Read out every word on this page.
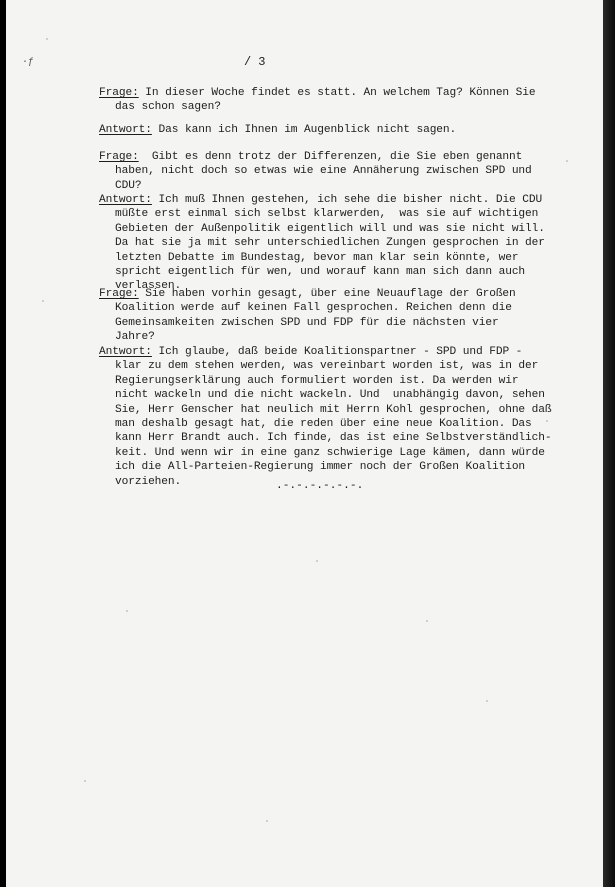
·ƒ	/ 3
Frage: In dieser Woche findet es statt. An welchem Tag? Können Sie
das schon sagen?
Antwort: Das kann ich Ihnen im Augenblick nicht sagen.
Frage:  Gibt es denn trotz der Differenzen, die Sie eben genannt
haben, nicht doch so etwas wie eine Annäherung zwischen SPD und
CDU?
Antwort: Ich muß Ihnen gestehen, ich sehe die bisher nicht. Die CDU
müßte erst einmal sich selbst klarwerden,  was sie auf wichtigen
Gebieten der Außenpolitik eigentlich will und was sie nicht will.
Da hat sie ja mit sehr unterschiedlichen Zungen gesprochen in der
letzten Debatte im Bundestag, bevor man klar sein könnte, wer
spricht eigentlich für wen, und worauf kann man sich dann auch
verlassen.
Frage: Sie haben vorhin gesagt, über eine Neuauflage der Großen
Koalition werde auf keinen Fall gesprochen. Reichen denn die
Gemeinsamkeiten zwischen SPD und FDP für die nächsten vier
Jahre?
Antwort: Ich glaube, daß beide Koalitionspartner - SPD und FDP -
klar zu dem stehen werden, was vereinbart worden ist, was in der
Regierungserklärung auch formuliert worden ist. Da werden wir
nicht wackeln und die nicht wackeln. Und  unabhängig davon, sehen
Sie, Herr Genscher hat neulich mit Herrn Kohl gesprochen, ohne daß
man deshalb gesagt hat, die reden über eine neue Koalition. Das
kann Herr Brandt auch. Ich finde, das ist eine Selbstverständlich-
keit. Und wenn wir in eine ganz schwierige Lage kämen, dann würde
ich die All-Parteien-Regierung immer noch der Großen Koalition
vorziehen.	.-.-.-.-.-.-.
